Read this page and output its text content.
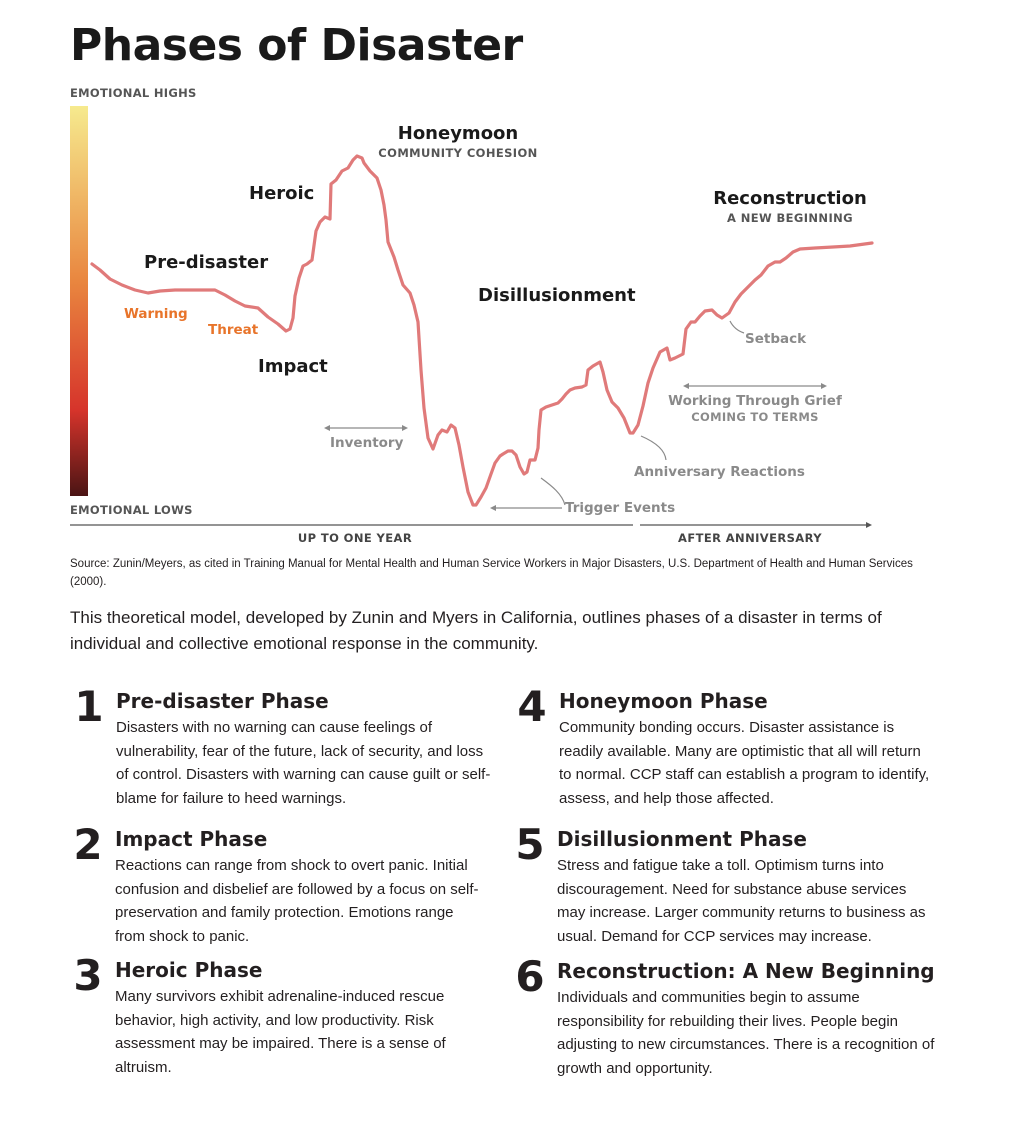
Phases of Disaster
EMOTIONAL HIGHS
EMOTIONAL LOWS
Honeymoon
COMMUNITY COHESION
Heroic
Pre-disaster
Impact
Disillusionment
Reconstruction
A NEW BEGINNING
Warning
Threat
Inventory
Trigger Events
Anniversary Reactions
Working Through Grief
COMING TO TERMS
Setback
UP TO ONE YEAR	AFTER ANNIVERSARY

Source: Zunin/Meyers, as cited in Training Manual for Mental Health and Human Service Workers in Major Disasters, U.S. Department of Health and Human Services (2000).

This theoretical model, developed by Zunin and Myers in California, outlines phases of a disaster in terms of individual and collective emotional response in the community.

1 Pre-disaster Phase

Disasters with no warning can cause feelings of vulnerability, fear of the future, lack of security, and loss of control. Disasters with warning can cause guilt or self-blame for failure to heed warnings.

2 Impact Phase

Reactions can range from shock to overt panic. Initial confusion and disbelief are followed by a focus on self-preservation and family protection. Emotions range from shock to panic.

3 Heroic Phase

Many survivors exhibit adrenaline-induced rescue behavior, high activity, and low productivity. Risk assessment may be impaired. There is a sense of altruism.

4 Honeymoon Phase

Community bonding occurs. Disaster assistance is readily available. Many are optimistic that all will return to normal. CCP staff can establish a program to identify, assess, and help those affected.

5 Disillusionment Phase

Stress and fatigue take a toll. Optimism turns into discouragement. Need for substance abuse services may increase. Larger community returns to business as usual. Demand for CCP services may increase.

6 Reconstruction: A New Beginning

Individuals and communities begin to assume responsibility for rebuilding their lives. People begin adjusting to new circumstances. There is a recognition of growth and opportunity.
